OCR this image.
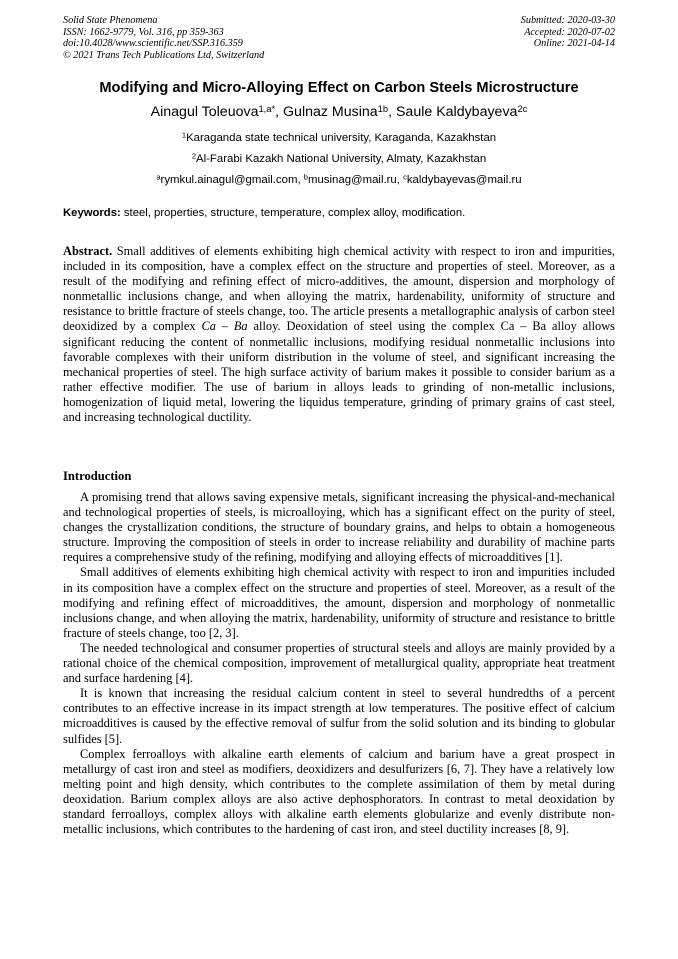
Solid State Phenomena
ISSN: 1662-9779, Vol. 316, pp 359-363
doi:10.4028/www.scientific.net/SSP.316.359
© 2021 Trans Tech Publications Ltd, Switzerland
Submitted: 2020-03-30
Accepted: 2020-07-02
Online: 2021-04-14
Modifying and Micro-Alloying Effect on Carbon Steels Microstructure
Ainagul Toleuova$^{1,a*}$, Gulnaz Musina$^{1b}$, Saule Kaldybayeva$^{2c}$
$^1$Karaganda state technical university, Karaganda, Kazakhstan
$^2$Al-Farabi Kazakh National University, Almaty, Kazakhstan
$^a$rymkul.ainagul@gmail.com, $^b$musinag@mail.ru, $^c$kaldybayevas@mail.ru
Keywords: steel, properties, structure, temperature, complex alloy, modification.
Abstract. Small additives of elements exhibiting high chemical activity with respect to iron and impurities, included in its composition, have a complex effect on the structure and properties of steel. Moreover, as a result of the modifying and refining effect of micro-additives, the amount, dispersion and morphology of nonmetallic inclusions change, and when alloying the matrix, hardenability, uniformity of structure and resistance to brittle fracture of steels change, too. The article presents a metallographic analysis of carbon steel deoxidized by a complex Ca – Ba alloy. Deoxidation of steel using the complex Ca – Ba alloy allows significant reducing the content of nonmetallic inclusions, modifying residual nonmetallic inclusions into favorable complexes with their uniform distribution in the volume of steel, and significant increasing the mechanical properties of steel. The high surface activity of barium makes it possible to consider barium as a rather effective modifier. The use of barium in alloys leads to grinding of non-metallic inclusions, homogenization of liquid metal, lowering the liquidus temperature, grinding of primary grains of cast steel, and increasing technological ductility.
Introduction

A promising trend that allows saving expensive metals, significant increasing the physical-and-mechanical and technological properties of steels, is microalloying, which has a significant effect on the purity of steel, changes the crystallization conditions, the structure of boundary grains, and helps to obtain a homogeneous structure. Improving the composition of steels in order to increase reliability and durability of machine parts requires a comprehensive study of the refining, modifying and alloying effects of microadditives [1].

Small additives of elements exhibiting high chemical activity with respect to iron and impurities included in its composition have a complex effect on the structure and properties of steel. Moreover, as a result of the modifying and refining effect of microadditives, the amount, dispersion and morphology of nonmetallic inclusions change, and when alloying the matrix, hardenability, uniformity of structure and resistance to brittle fracture of steels change, too [2, 3].

The needed technological and consumer properties of structural steels and alloys are mainly provided by a rational choice of the chemical composition, improvement of metallurgical quality, appropriate heat treatment and surface hardening [4].

It is known that increasing the residual calcium content in steel to several hundredths of a percent contributes to an effective increase in its impact strength at low temperatures. The positive effect of calcium microadditives is caused by the effective removal of sulfur from the solid solution and its binding to globular sulfides [5].

Complex ferroalloys with alkaline earth elements of calcium and barium have a great prospect in metallurgy of cast iron and steel as modifiers, deoxidizers and desulfurizers [6, 7]. They have a relatively low melting point and high density, which contributes to the complete assimilation of them by metal during deoxidation. Barium complex alloys are also active dephosphorators. In contrast to metal deoxidation by standard ferroalloys, complex alloys with alkaline earth elements globularize and evenly distribute non-metallic inclusions, which contributes to the hardening of cast iron, and steel ductility increases [8, 9].
